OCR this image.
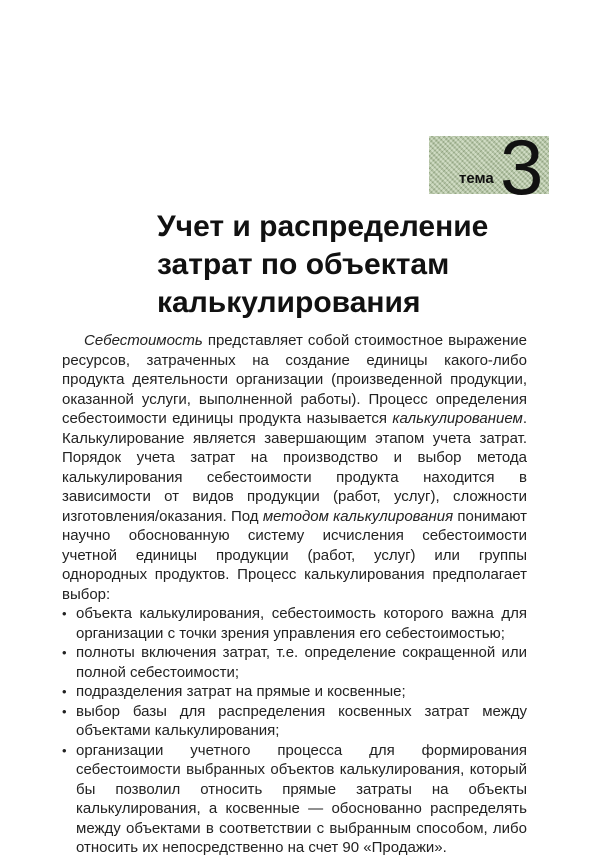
тема 3
Учет и распределение
затрат по объектам
калькулирования

Себестоимость представляет собой стоимостное выражение ресурсов, затраченных на создание единицы какого-либо продукта деятельности организации (произведенной продукции, оказанной услуги, выполненной работы). Процесс определения себестоимости единицы продукта называется калькулированием. Калькулирование является завершающим этапом учета затрат. Порядок учета затрат на производство и выбор метода калькулирования себестоимости продукта находится в зависимости от видов продукции (работ, услуг), сложности изготовления/оказания. Под методом калькулирования понимают научно обоснованную систему исчисления себестоимости учетной единицы продукции (работ, услуг) или группы однородных продуктов. Процесс калькулирования предполагает выбор:

• объекта калькулирования, себестоимость которого важна для организации с точки зрения управления его себестоимостью;
• полноты включения затрат, т.е. определение сокращенной или полной себестоимости;
• подразделения затрат на прямые и косвенные;
• выбор базы для распределения косвенных затрат между объектами калькулирования;
• организации учетного процесса для формирования себестоимости выбранных объектов калькулирования, который бы позволил относить прямые затраты на объекты калькулирования, а косвенные — обоснованно распределять между объектами в соответствии с выбранным способом, либо относить их непосредственно на счет 90 «Продажи».
